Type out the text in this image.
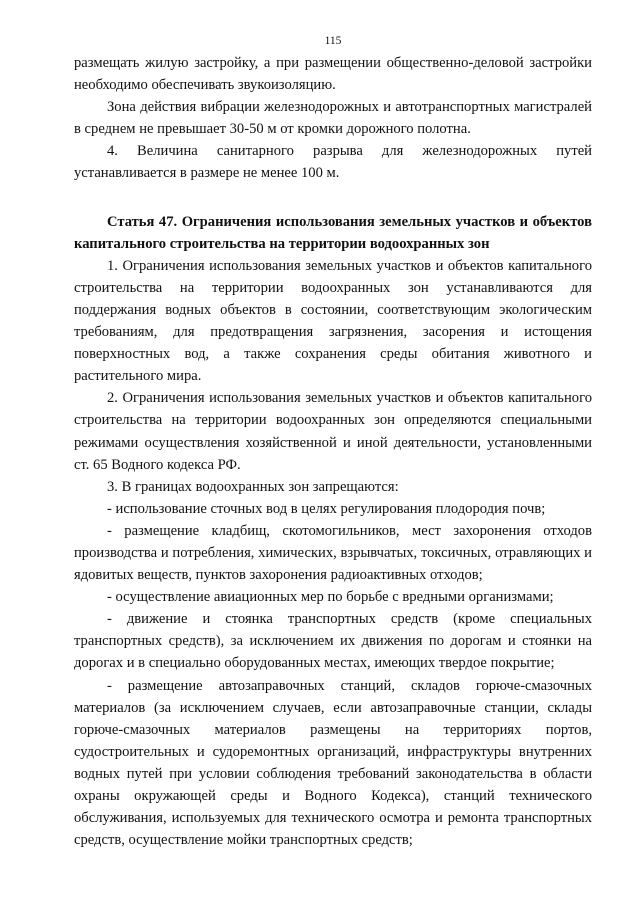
115

размещать жилую застройку, а при размещении общественно-деловой застройки необходимо обеспечивать звукоизоляцию.

Зона действия вибрации железнодорожных и автотранспортных магистралей в среднем не превышает 30-50 м от кромки дорожного полотна.

4. Величина санитарного разрыва для железнодорожных путей устанавливается в размере не менее 100 м.

Статья 47. Ограничения использования земельных участков и объектов капитального строительства на территории водоохранных зон

1. Ограничения использования земельных участков и объектов капитального строительства на территории водоохранных зон устанавливаются для поддержания водных объектов в состоянии, соответствующим экологическим требованиям, для предотвращения загрязнения, засорения и истощения поверхностных вод, а также сохранения среды обитания животного и растительного мира.

2. Ограничения использования земельных участков и объектов капитального строительства на территории водоохранных зон определяются специальными режимами осуществления хозяйственной и иной деятельности, установленными ст. 65 Водного кодекса РФ.

3. В границах водоохранных зон запрещаются:

- использование сточных вод в целях регулирования плодородия почв;

- размещение кладбищ, скотомогильников, мест захоронения отходов производства и потребления, химических, взрывчатых, токсичных, отравляющих и ядовитых веществ, пунктов захоронения радиоактивных отходов;

- осуществление авиационных мер по борьбе с вредными организмами;

- движение и стоянка транспортных средств (кроме специальных транспортных средств), за исключением их движения по дорогам и стоянки на дорогах и в специально оборудованных местах, имеющих твердое покрытие;

- размещение автозаправочных станций, складов горюче-смазочных материалов (за исключением случаев, если автозаправочные станции, склады горюче-смазочных материалов размещены на территориях портов, судостроительных и судоремонтных организаций, инфраструктуры внутренних водных путей при условии соблюдения требований законодательства в области охраны окружающей среды и Водного Кодекса), станций технического обслуживания, используемых для технического осмотра и ремонта транспортных средств, осуществление мойки транспортных средств;
